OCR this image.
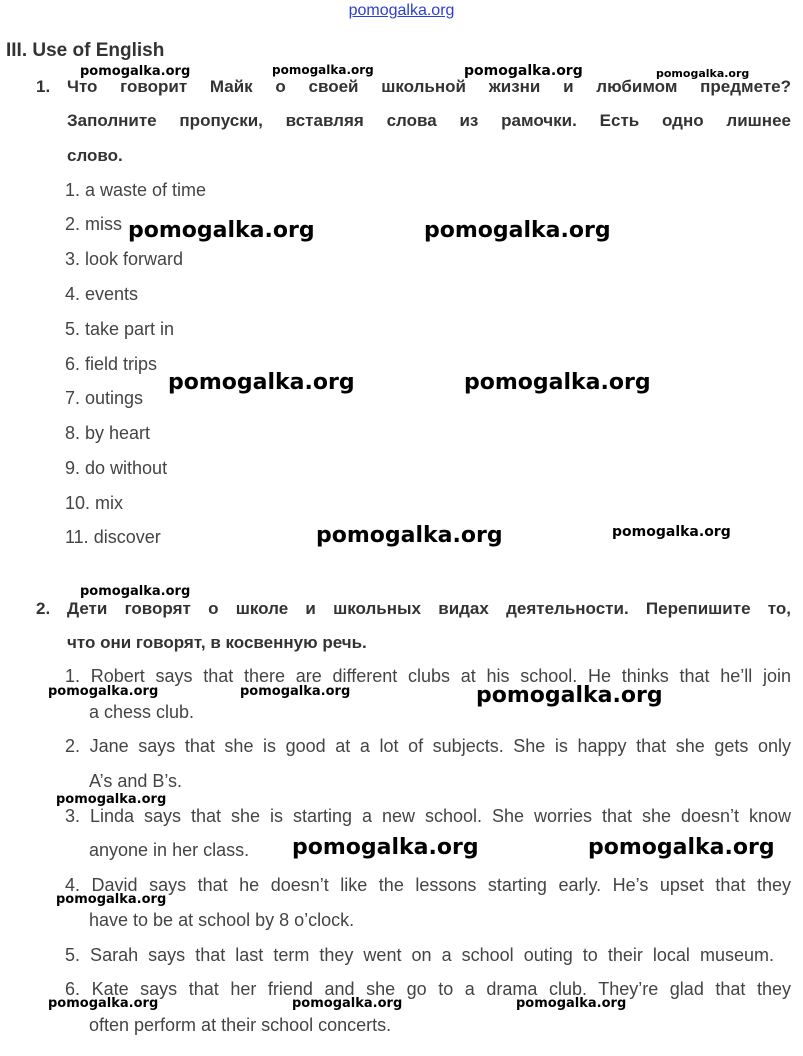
pomogalka.org
III. Use of English
1. Что говорит Майк о своей школьной жизни и любимом предмете?
Заполните пропуски, вставляя слова из рамочки. Есть одно лишнее
слово.
1. a waste of time
2. miss
3. look forward
4. events
5. take part in
6. field trips
7. outings
8. by heart
9. do without
10. mix
11. discover
2. Дети говорят о школе и школьных видах деятельности. Перепишите то,
что они говорят, в косвенную речь.
1. Robert says that there are different clubs at his school. He thinks that he’ll join
a chess club.
2. Jane says that she is good at a lot of subjects. She is happy that she gets only
A’s and B’s.
3. Linda says that she is starting a new school. She worries that she doesn’t know
anyone in her class.
4. David says that he doesn’t like the lessons starting early. He’s upset that they
have to be at school by 8 o’clock.
5. Sarah says that last term they went on a school outing to their local museum.
6. Kate says that her friend and she go to a drama club. They’re glad that they
often perform at their school concerts.
pomogalka.org	pomogalka.org	pomogalka.org	pomogalka.org
pomogalka.org	pomogalka.org
pomogalka.org	pomogalka.org
pomogalka.org	pomogalka.org
pomogalka.org
pomogalka.org	pomogalka.org	pomogalka.org
pomogalka.org
pomogalka.org	pomogalka.org
pomogalka.org
pomogalka.org	pomogalka.org	pomogalka.org
